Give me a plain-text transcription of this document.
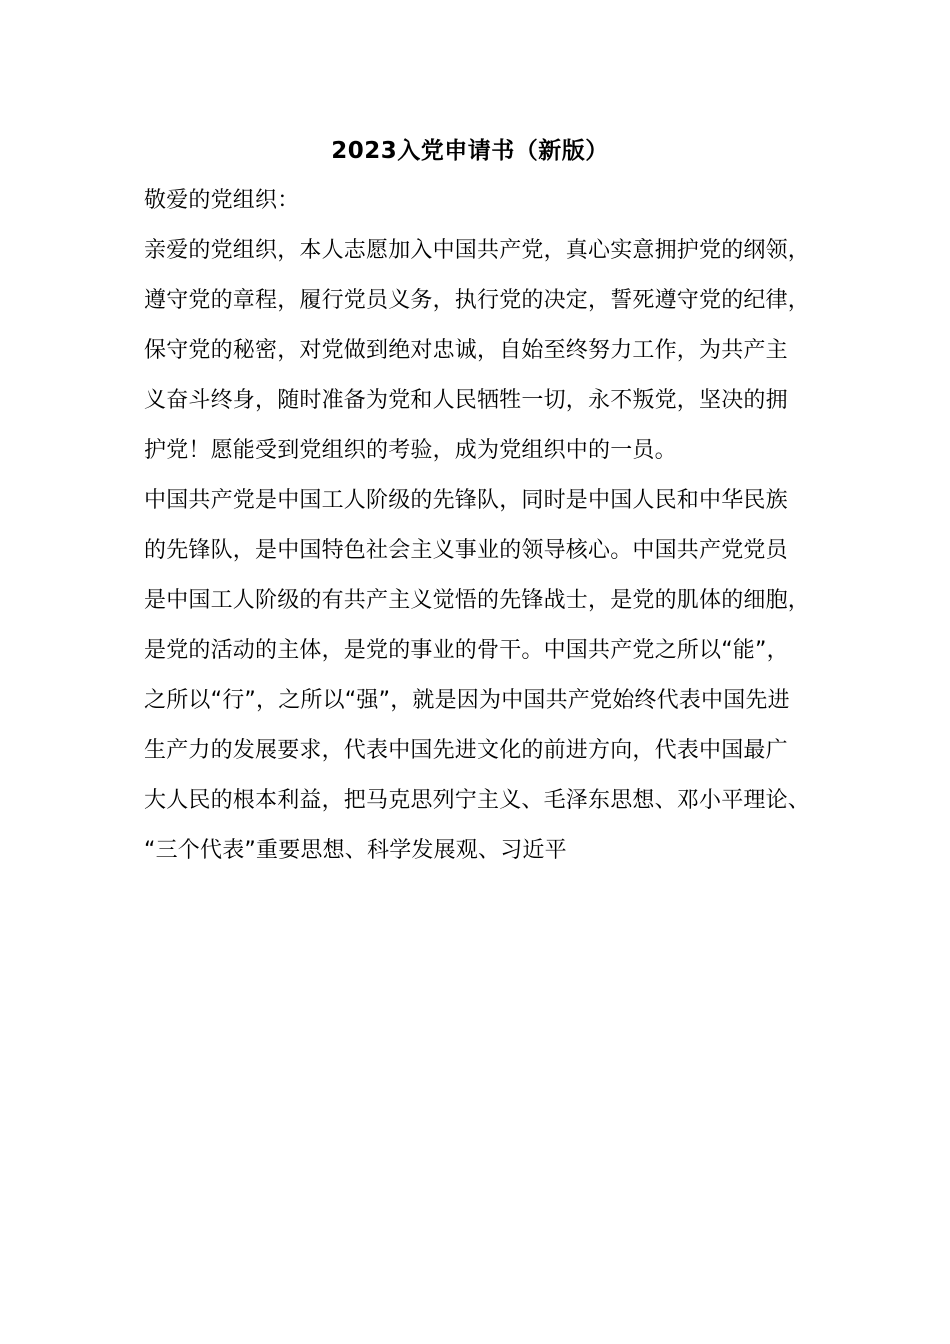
2023入党申请书（新版）
敬爱的党组织：
亲爱的党组织，本人志愿加入中国共产党，真心实意拥护党的纲领，
遵守党的章程，履行党员义务，执行党的决定，誓死遵守党的纪律，
保守党的秘密，对党做到绝对忠诚，自始至终努力工作，为共产主
义奋斗终身，随时准备为党和人民牺牲一切，永不叛党，坚决的拥
护党！愿能受到党组织的考验，成为党组织中的一员。
中国共产党是中国工人阶级的先锋队，同时是中国人民和中华民族
的先锋队，是中国特色社会主义事业的领导核心。中国共产党党员
是中国工人阶级的有共产主义觉悟的先锋战士，是党的肌体的细胞，
是党的活动的主体，是党的事业的骨干。中国共产党之所以“能”，
之所以“行”，之所以“强”，就是因为中国共产党始终代表中国先进
生产力的发展要求，代表中国先进文化的前进方向，代表中国最广
大人民的根本利益，把马克思列宁主义、毛泽东思想、邓小平理论、
“三个代表”重要思想、科学发展观、习近平
